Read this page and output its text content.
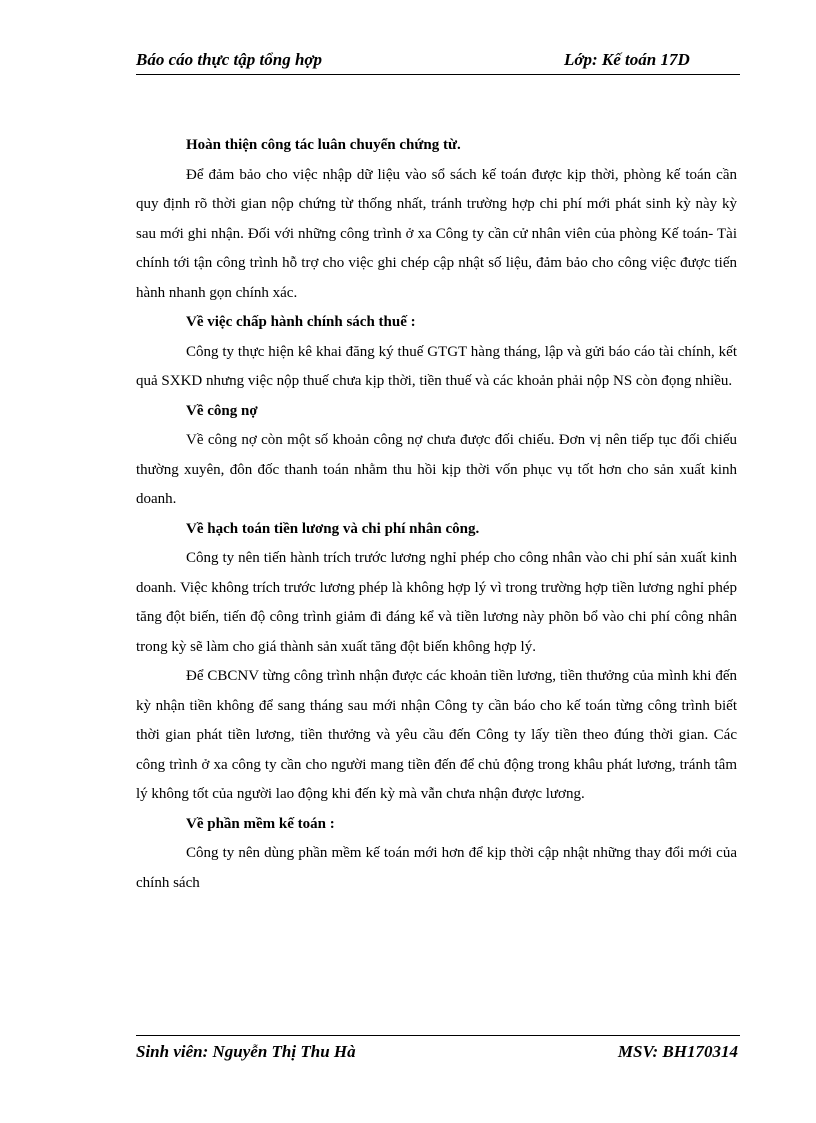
Báo cáo thực tập tổng hợp	Lớp: Kế toán 17D

Hoàn thiện công tác luân chuyển chứng từ.

Để đảm bảo cho việc nhập dữ liệu vào sổ sách kế toán được kịp thời, phòng kế toán cần quy định rõ thời gian nộp chứng từ thống nhất, tránh trường hợp chi phí mới phát sinh kỳ này kỳ sau mới ghi nhận. Đối với những công trình ở xa Công ty cần cử nhân viên của phòng Kế toán- Tài chính tới tận công trình hỗ trợ cho việc ghi chép cập nhật số liệu, đảm bảo cho công việc được tiến hành nhanh gọn chính xác.

Về việc chấp hành chính sách thuế :

Công ty thực hiện kê khai đăng ký thuế GTGT hàng tháng, lập và gửi báo cáo tài chính, kết quả SXKD nhưng việc nộp thuế chưa kịp thời, tiền thuế và các khoản phải nộp NS còn đọng nhiều.

Về công nợ

Về công nợ còn một số khoản công nợ chưa được đối chiếu. Đơn vị nên tiếp tục đối chiếu thường xuyên, đôn đốc thanh toán nhằm thu hồi kịp thời vốn phục vụ tốt hơn cho sản xuất kinh doanh.

Về hạch toán tiền lương và chi phí nhân công.

Công ty nên tiến hành trích trước lương nghỉ phép cho công nhân vào chi phí sản xuất kinh doanh. Việc không trích trước lương phép là không hợp lý vì trong trường hợp tiền lương nghỉ phép tăng đột biến, tiến độ công trình giảm đi đáng kể và tiền lương này phõn bổ vào chi phí công nhân trong kỳ sẽ làm cho giá thành sản xuất tăng đột biến không hợp lý.

Để CBCNV từng công trình nhận được các khoản tiền lương, tiền thưởng của mình khi đến kỳ nhận tiền không để sang tháng sau mới nhận Công ty cần báo cho kế toán từng công trình biết thời gian phát tiền lương, tiền thưởng và yêu cầu đến Công ty lấy tiền theo đúng thời gian. Các công trình ở xa công ty cần cho người mang tiền đến để chủ động trong khâu phát lương, tránh tâm lý không tốt của người lao động khi đến kỳ mà vẫn chưa nhận được lương.

Về phần mềm kế toán :

Công ty nên dùng phần mềm kế toán mới hơn để kịp thời cập nhật những thay đổi mới của chính sách

Sinh viên: Nguyễn Thị Thu Hà	MSV: BH170314
